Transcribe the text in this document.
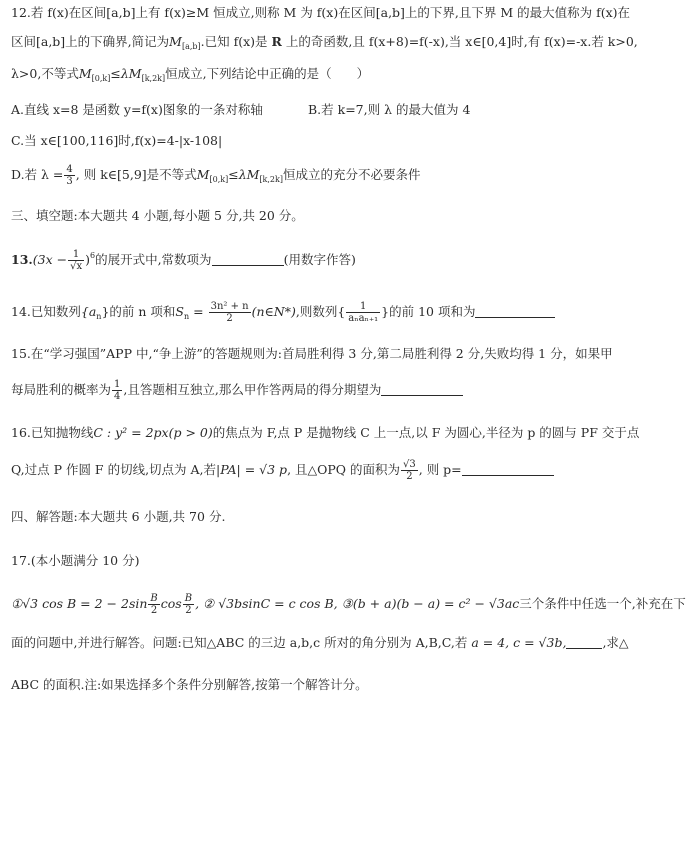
12.若 f(x)在区间[a,b]上有 f(x)≥M 恒成立,则称 M 为 f(x)在区间[a,b]上的下界,且下界 M 的最大值称为 f(x)在
区间[a,b]上的下确界,简记为$M_{[a,b]}$.已知 f(x)是 R 上的奇函数,且 f(x+8)=f(-x),当 x∈[0,4]时,有 f(x)=-x.若 k>0,
λ>0,不等式$M_{[0,k]}\le\lambda M_{[k,2k]}$恒成立,下列结论中正确的是（　　）
A.直线 x=8 是函数 y=f(x)图象的一条对称轴	B.若 k=7,则 λ 的最大值为 4
C.当 x∈[100,116]时,f(x)=4-|x-108|
D.若 $\lambda = \frac{4}{3}$ , 则 k∈[5,9]是不等式$M_{[0,k]}\le\lambda M_{[k,2k]}$恒成立的充分不必要条件
三、填空题:本大题共 4 小题,每小题 5 分,共 20 分。
$13.(3x - \frac{1}{√x} )^6$的展开式中,常数项为	(用数字作答)
14.已知数列$\{a_n\}$的前 n 项和$S_n = \frac{\text{3n² + n}}{2}$ (n∈N*),则数列{ $\frac{1}{\text{aₙaₙ₊₁}}$ }的前 10 项和为
15.在“学习强国”APP 中,“争上游”的答题规则为:首局胜利得 3 分,第二局胜利得 2 分,失败均得 1 分，如果甲
每局胜利的概率为 $\frac{1}{4}$ ,且答题相互独立,那么甲作答两局的得分期望为
16.已知抛物线C : y² = 2px(p > 0)的焦点为 F,点 P 是抛物线 C 上一点,以 F 为圆心,半径为 p 的圆与 PF 交于点
Q,过点 P 作圆 F 的切线,切点为 A,若|PA| = √3 p, 且△OPQ 的面积为 $\frac{√3}{2}$ , 则 p=
四、解答题:本大题共 6 小题,共 70 分.
17.(本小题满分 10 分)
①√3 $\cos B = 2 - 2\sin \frac{B}{2}$ $\cos \frac{B}{2}$ , ② √3bsinC = c cos B, ③(b + a)(b − a) = c² − √3ac三个条件中任选一个,补充在下
面的问题中,并进行解答。问题:已知△ABC 的三边 a,b,c 所对的角分别为 A,B,C,若 a = 4, c = √3b,	,求△
ABC 的面积.注:如果选择多个条件分别解答,按第一个解答计分。
